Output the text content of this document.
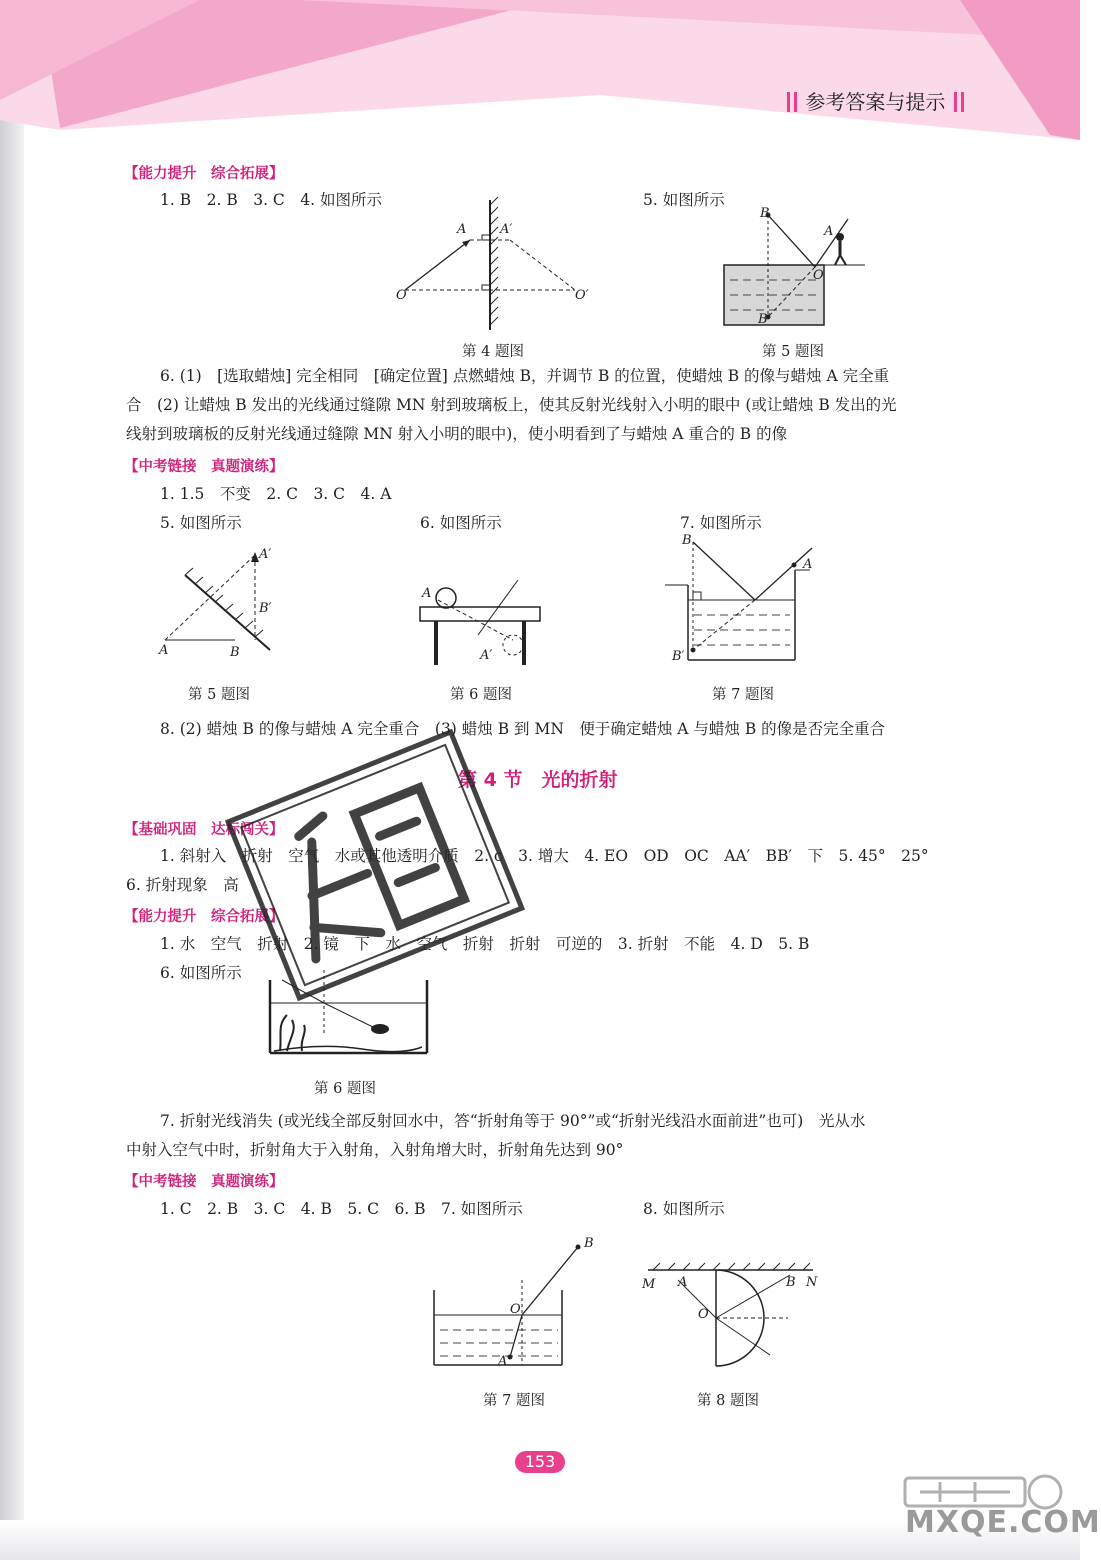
参考答案与提示
【能力提升　综合拓展】
1. B　2. B　3. C　4. 如图所示	5. 如图所示
A	A′
O	O′
第 4 题图
B
A
O
B′
第 5 题图
6. (1)　[选取蜡烛] 完全相同　[确定位置] 点燃蜡烛 B，并调节 B 的位置，使蜡烛 B 的像与蜡烛 A 完全重
合　(2) 让蜡烛 B 发出的光线通过缝隙 MN 射到玻璃板上，使其反射光线射入小明的眼中 (或让蜡烛 B 发出的光
线射到玻璃板的反射光线通过缝隙 MN 射入小明的眼中)，使小明看到了与蜡烛 A 重合的 B 的像
【中考链接　真题演练】
1. 1.5　不变　2. C　3. C　4. A
5. 如图所示	6. 如图所示	7. 如图所示
A′
B′
A	B
第 5 题图
A
A′
第 6 题图
B
A
B′
第 7 题图
8. (2) 蜡烛 B 的像与蜡烛 A 完全重合　(3) 蜡烛 B 到 MN　便于确定蜡烛 A 与蜡烛 B 的像是否完全重合
第 4 节　光的折射
【基础巩固　达标闯关】
1. 斜射入　折射　空气　水或其他透明介质　2. c　3. 增大　4. EO　OD　OC　AA′　BB′　下　5. 45°　25°
6. 折射现象　高
【能力提升　综合拓展】
1. 水　空气　折射　2. 镜　下　水　空气　折射　折射　可逆的　3. 折射　不能　4. D　5. B
6. 如图所示
第 6 题图
7. 折射光线消失 (或光线全部反射回水中，答“折射角等于 90°”或“折射光线沿水面前进”也可)　光从水
中射入空气中时，折射角大于入射角，入射角增大时，折射角先达到 90°
【中考链接　真题演练】
1. C　2. B　3. C　4. B　5. C　6. B　7. 如图所示	8. 如图所示
B
O
A
第 7 题图
M A	B N
O
第 8 题图
153
MXQE.COM
